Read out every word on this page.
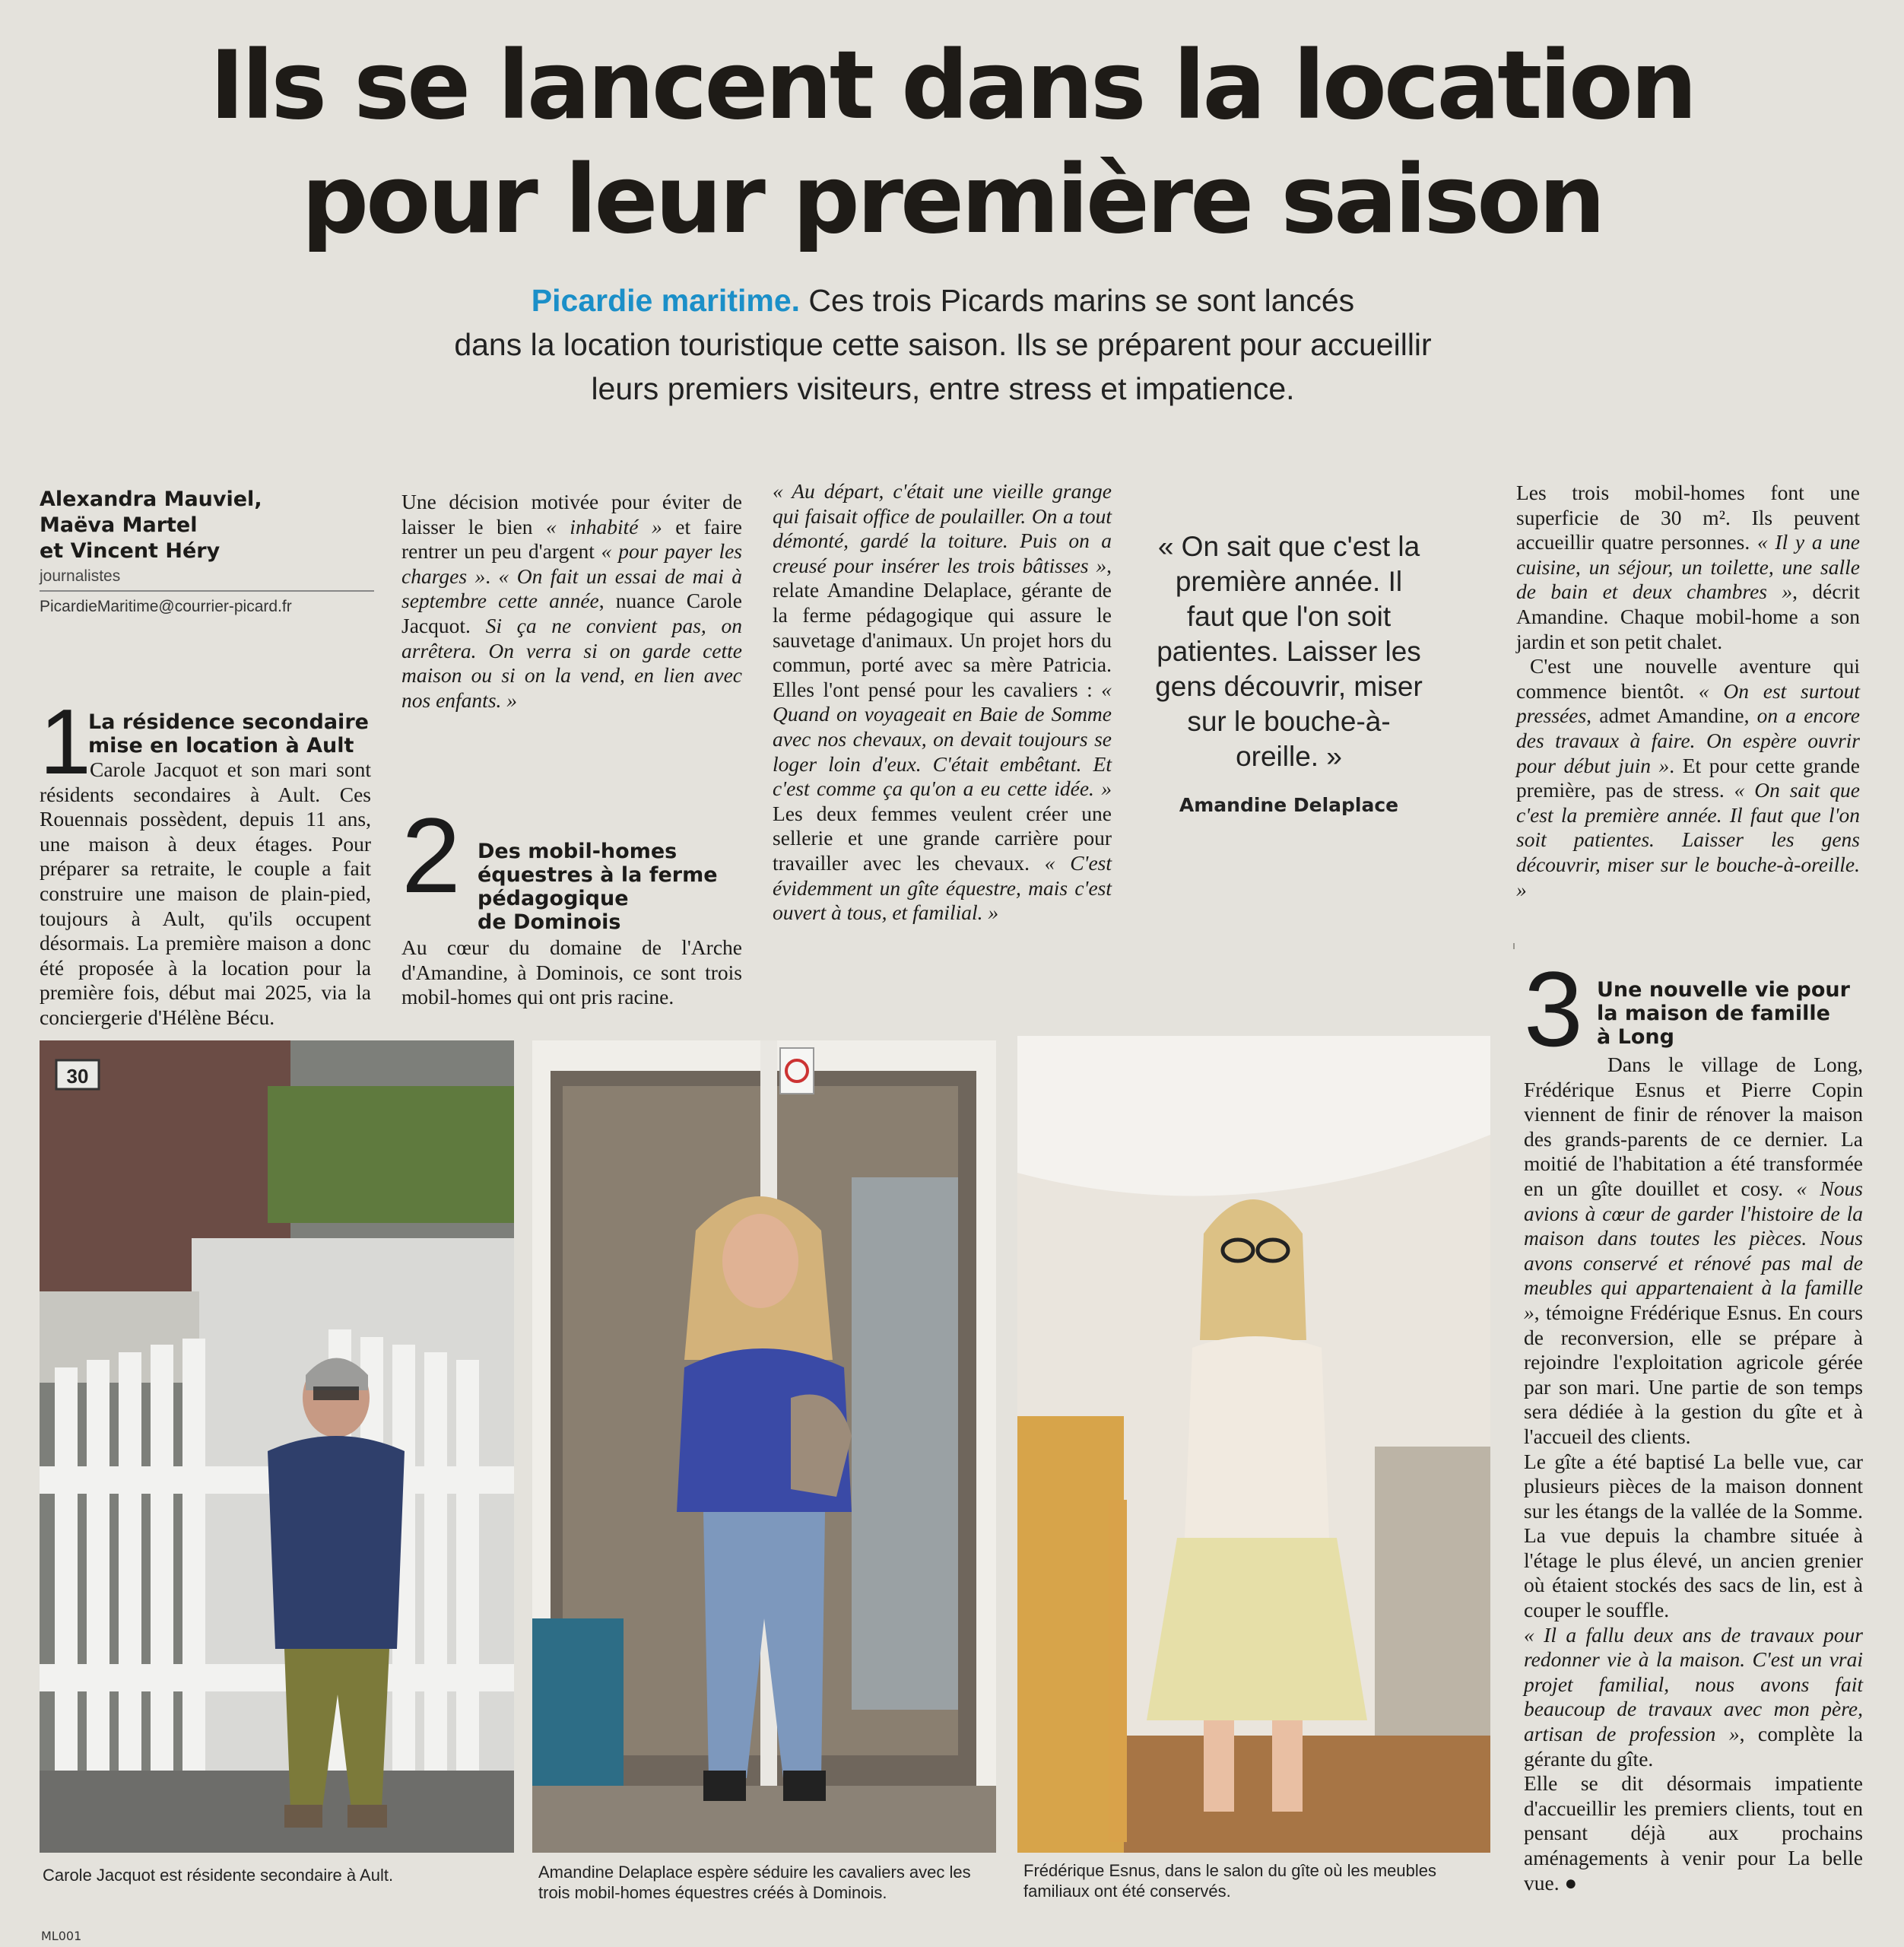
Ils se lancent dans la location
pour leur première saison
Picardie maritime. Ces trois Picards marins se sont lancés
dans la location touristique cette saison. Ils se préparent pour accueillir
leurs premiers visiteurs, entre stress et impatience.
Alexandra Mauviel,
Maëva Martel
et Vincent Héry
journalistes
PicardieMaritime@courrier-picard.fr
1
La résidence secondaire
mise en location à Ault

Carole Jacquot et son mari sont résidents secondaires à Ault. Ces Rouennais possèdent, depuis 11 ans, une maison à deux étages. Pour préparer sa retraite, le couple a fait construire une maison de plain-pied, toujours à Ault, qu'ils occupent désormais. La première maison a donc été proposée à la location pour la première fois, début mai 2025, via la conciergerie d'Hélène Bécu.

Une décision motivée pour éviter de laisser le bien « inhabité » et faire rentrer un peu d'argent « pour payer les charges ». « On fait un essai de mai à septembre cette année, nuance Carole Jacquot. Si ça ne convient pas, on arrêtera. On verra si on garde cette maison ou si on la vend, en lien avec nos enfants. »

2 Des mobil-homes
équestres à la ferme
pédagogique
de Dominois

Au cœur du domaine de l'Arche d'Amandine, à Dominois, ce sont trois mobil-homes qui ont pris racine.

« Au départ, c'était une vieille grange qui faisait office de poulailler. On a tout démonté, gardé la toiture. Puis on a creusé pour insérer les trois bâtisses », relate Amandine Delaplace, gérante de la ferme pédagogique qui assure le sauvetage d'animaux. Un projet hors du commun, porté avec sa mère Patricia. Elles l'ont pensé pour les cavaliers : « Quand on voyageait en Baie de Somme avec nos chevaux, on devait toujours se loger loin d'eux. C'était embêtant. Et c'est comme ça qu'on a eu cette idée. » Les deux femmes veulent créer une sellerie et une grande carrière pour travailler avec les chevaux. « C'est évidemment un gîte équestre, mais c'est ouvert à tous, et familial. »

« On sait que c'est la première année. Il faut que l'on soit patientes. Laisser les gens découvrir, miser sur le bouche-à-oreille. »
Amandine Delaplace

Les trois mobil-homes font une superficie de 30 m². Ils peuvent accueillir quatre personnes. « Il y a une cuisine, un séjour, un toilette, une salle de bain et deux chambres », décrit Amandine. Chaque mobil-home a son jardin et son petit chalet.

C'est une nouvelle aventure qui commence bientôt. « On est surtout pressées, admet Amandine, on a encore des travaux à faire. On espère ouvrir pour début juin ». Et pour cette grande première, pas de stress. « On sait que c'est la première année. Il faut que l'on soit patientes. Laisser les gens découvrir, miser sur le bouche-à-oreille. »

3 Une nouvelle vie pour
la maison de famille
à Long

Dans le village de Long, Frédérique Esnus et Pierre Copin viennent de finir de rénover la maison des grands-parents de ce dernier. La moitié de l'habitation a été transformée en un gîte douillet et cosy. « Nous avions à cœur de garder l'histoire de la maison dans toutes les pièces. Nous avons conservé et rénové pas mal de meubles qui appartenaient à la famille », témoigne Frédérique Esnus. En cours de reconversion, elle se prépare à rejoindre l'exploitation agricole gérée par son mari. Une partie de son temps sera dédiée à la gestion du gîte et à l'accueil des clients.

Le gîte a été baptisé La belle vue, car plusieurs pièces de la maison donnent sur les étangs de la vallée de la Somme. La vue depuis la chambre située à l'étage le plus élevé, un ancien grenier où étaient stockés des sacs de lin, est à couper le souffle.

« Il a fallu deux ans de travaux pour redonner vie à la maison. C'est un vrai projet familial, nous avons fait beaucoup de travaux avec mon père, artisan de profession », complète la gérante du gîte.

Elle se dit désormais impatiente d'accueillir les premiers clients, tout en pensant déjà aux prochains aménagements à venir pour La belle vue. ●

30
Carole Jacquot est résidente secondaire à Ault.	Amandine Delaplace espère séduire les cavaliers avec les trois mobil-homes équestres créés à Dominois.
Frédérique Esnus, dans le salon du gîte où les meubles familiaux ont été conservés.
ML001
